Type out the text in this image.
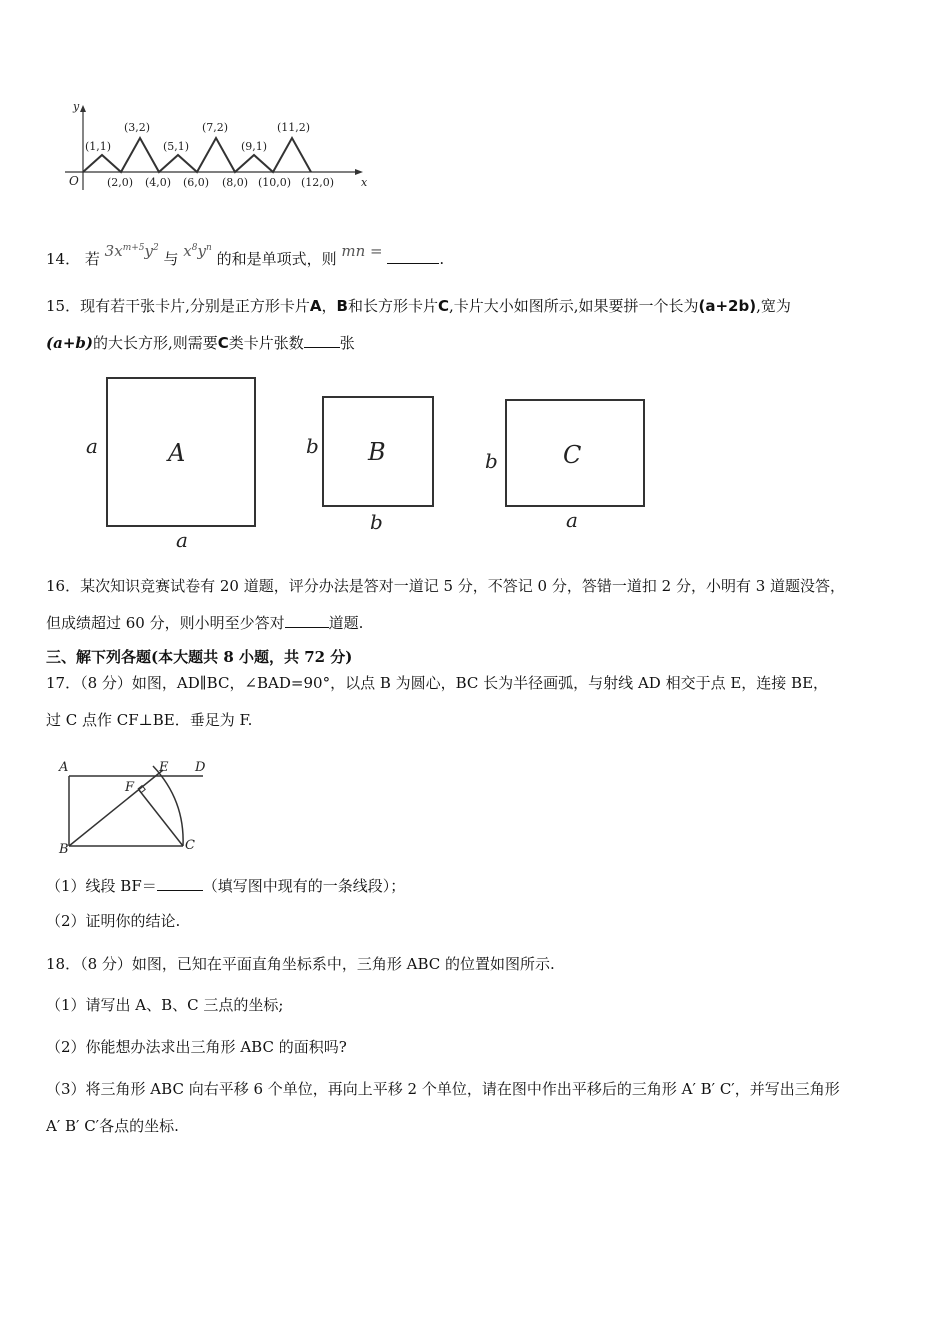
y
x
O
(1,1)
(3,2)
(5,1)
(7,2)
(9,1)
(11,2)
(2,0) (4,0) (6,0) (8,0) (10,0) (12,0)
14． 若 $3x^{m+5}y^2$ 与 $x^8y^n$ 的和是单项式，则 mn =	.
15．现有若干张卡片,分别是正方形卡片A，B和长方形卡片C,卡片大小如图所示,如果要拼一个长为(a+2b),宽为
(a+b)的大长方形,则需要C类卡片张数 张
A
a
a
B
b
b
C
b
a
16．某次知识竞赛试卷有 20 道题，评分办法是答对一道记 5 分，不答记 0 分，答错一道扣 2 分，小明有 3 道题没答，
但成绩超过 60 分，则小明至少答对	道题.
三、解下列各题(本大题共 8 小题，共 72 分)
17．（8 分）如图，AD∥BC，∠BAD=90°，以点 B 为圆心，BC 长为半径画弧，与射线 AD 相交于点 E，连接 BE，
过 C 点作 CF⊥BE．垂足为 F.
A	E D
F
B	C
（1）线段 BF＝	（填写图中现有的一条线段）；
（2）证明你的结论.
18．（8 分）如图，已知在平面直角坐标系中，三角形 ABC 的位置如图所示.
（1）请写出 A、B、C 三点的坐标;
（2）你能想办法求出三角形 ABC 的面积吗?
（3）将三角形 ABC 向右平移 6 个单位，再向上平移 2 个单位，请在图中作出平移后的三角形 A′ B′ C′，并写出三角形
A′ B′ C′各点的坐标.
